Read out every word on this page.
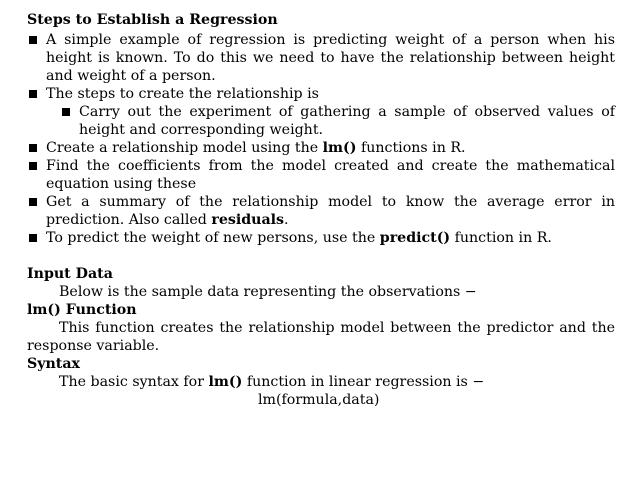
Steps to Establish a Regression
A simple example of regression is predicting weight of a person when his
height is known. To do this we need to have the relationship between height
and weight of a person.
The steps to create the relationship is
Carry out the experiment of gathering a sample of observed values of
height and corresponding weight.
Create a relationship model using the lm() functions in R.
Find the coefficients from the model created and create the mathematical
equation using these
Get a summary of the relationship model to know the average error in
prediction. Also called residuals.
To predict the weight of new persons, use the predict() function in R.
Input Data
Below is the sample data representing the observations −
lm() Function
This function creates the relationship model between the predictor and the
response variable.
Syntax
The basic syntax for lm() function in linear regression is −
lm(formula,data)
